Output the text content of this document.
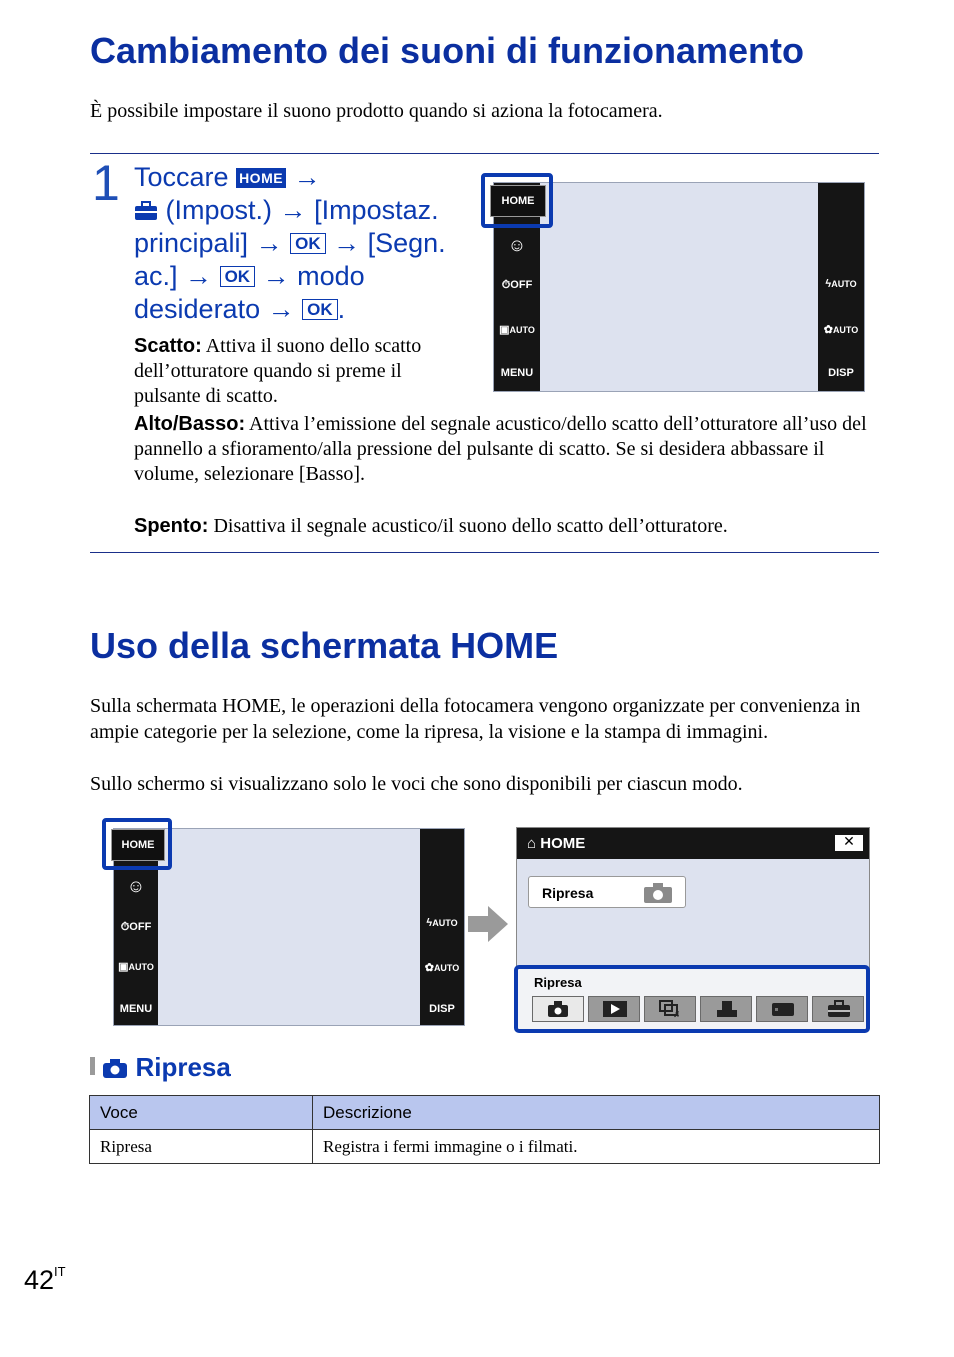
Cambiamento dei suoni di funzionamento

È possibile impostare il suono prodotto quando si aziona la fotocamera.

1 Toccare HOME →
(Impost.) → [Impostaz. principali] → OK → [Segn. ac.] → OK → modo desiderato → OK .

Scatto: Attiva il suono dello scatto dell’otturatore quando si preme il pulsante di scatto.

Alto/Basso: Attiva l’emissione del segnale acustico/dello scatto dell’otturatore all’uso del pannello a sfioramento/alla pressione del pulsante di scatto. Se si desidera abbassare il volume, selezionare [Basso].

Spento: Disattiva il segnale acustico/il suono dello scatto dell’otturatore.

☺
⏱OFF
▣AUTO
MENU
ϟAUTO
✿AUTO
DISP
HOME
Uso della schermata HOME

Sulla schermata HOME, le operazioni della fotocamera vengono organizzate per convenienza in ampie categorie per la selezione, come la ripresa, la visione e la stampa di immagini.

Sullo schermo si visualizzano solo le voci che sono disponibili per ciascun modo.

☺
⏱OFF
▣AUTO
MENU
ϟAUTO
✿AUTO
DISP
HOME	⌂ HOME	✕
Ripresa
Ripresa
♫
Ripresa
Voce	Descrizione
Ripresa	Registra i fermi immagine o i filmati.
$42^{IT}$
